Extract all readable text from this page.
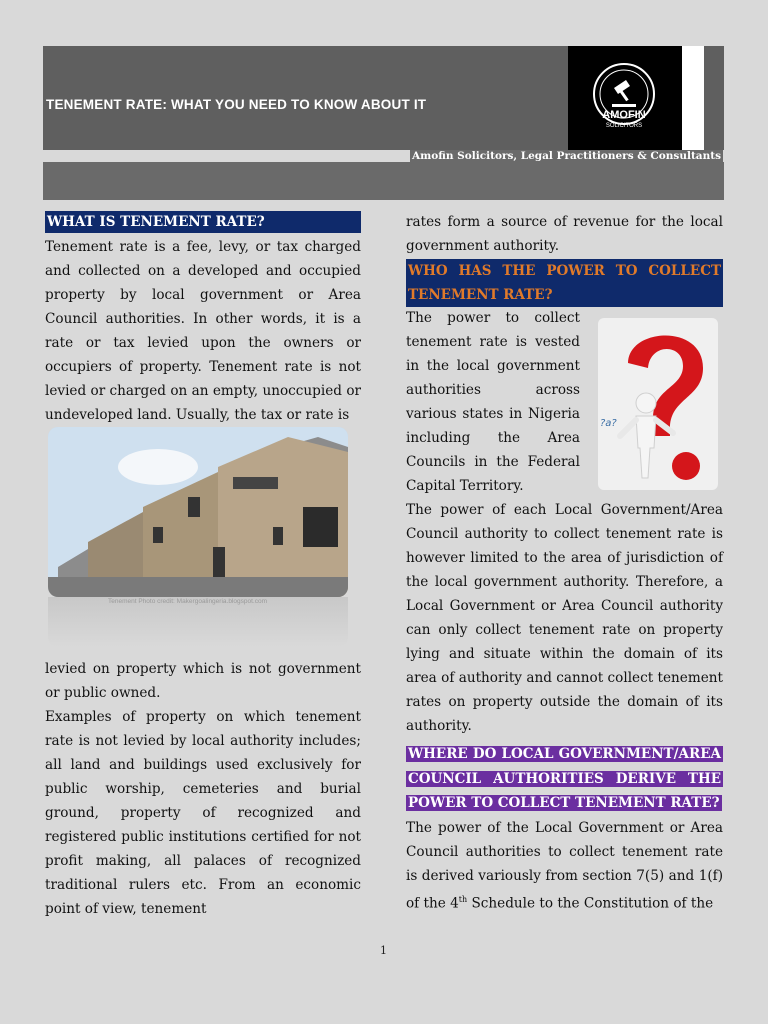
TENEMENT RATE: WHAT YOU NEED TO KNOW ABOUT IT
AMOFIN
SOLICITORS
Amofin Solicitors, Legal Practitioners & Consultants
WHAT IS TENEMENT RATE?

Tenement rate is a fee, levy, or tax charged and collected on a developed and occupied property by local government or Area Council authorities. In other words, it is a rate or tax levied upon the owners or occupiers of property. Tenement rate is not levied or charged on an empty, unoccupied or undeveloped land. Usually, the tax or rate is

Tenement Photo credit: Makergoalingeria.blogspot.com

levied on property which is not government or public owned.

Examples of property on which tenement rate is not levied by local authority includes; all land and buildings used exclusively for public worship, cemeteries and burial ground, property of recognized and registered public institutions certified for not profit making, all palaces of recognized traditional rulers etc. From an economic point of view, tenement

rates form a source of revenue for the local government authority.

WHO HAS THE POWER TO COLLECT TENEMENT RATE?

The power to collect tenement rate is vested in the local government authorities across various states in Nigeria including the Area Councils in the Federal Capital Territory.

?a?

The power of each Local Government/Area Council authority to collect tenement rate is however limited to the area of jurisdiction of the local government authority. Therefore, a Local Government or Area Council authority can only collect tenement rate on property lying and situate within the domain of its area of authority and cannot collect tenement rates on property outside the domain of its authority.

WHERE DO LOCAL GOVERNMENT/AREA COUNCIL AUTHORITIES DERIVE THE POWER TO COLLECT TENEMENT RATE?

The power of the Local Government or Area Council authorities to collect tenement rate is derived variously from section 7(5) and 1(f) of the 4th Schedule to the Constitution of the

1
